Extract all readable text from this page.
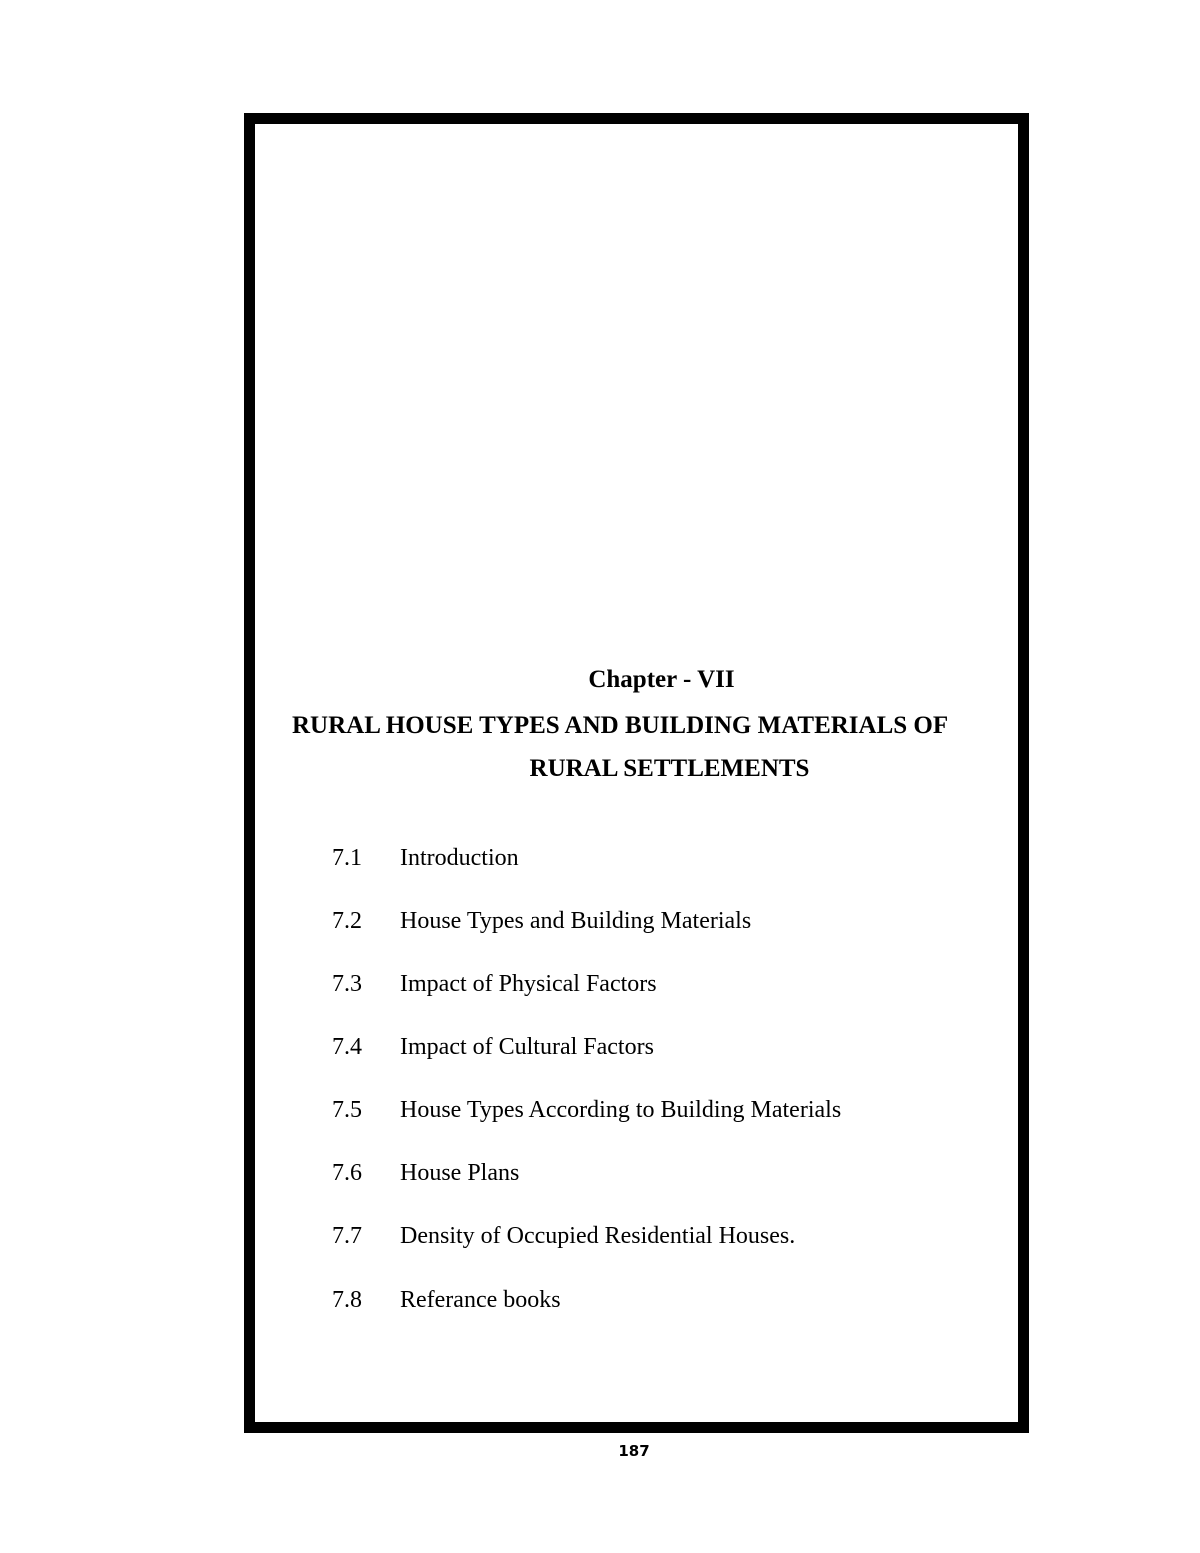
Chapter - VII
RURAL HOUSE TYPES AND BUILDING MATERIALS OF
RURAL SETTLEMENTS
7.1 Introduction
7.2 House Types and Building Materials
7.3 Impact of Physical Factors
7.4 Impact of Cultural Factors
7.5 House Types According to Building Materials
7.6 House Plans
7.7 Density of Occupied Residential Houses.
7.8 Referance books
187
